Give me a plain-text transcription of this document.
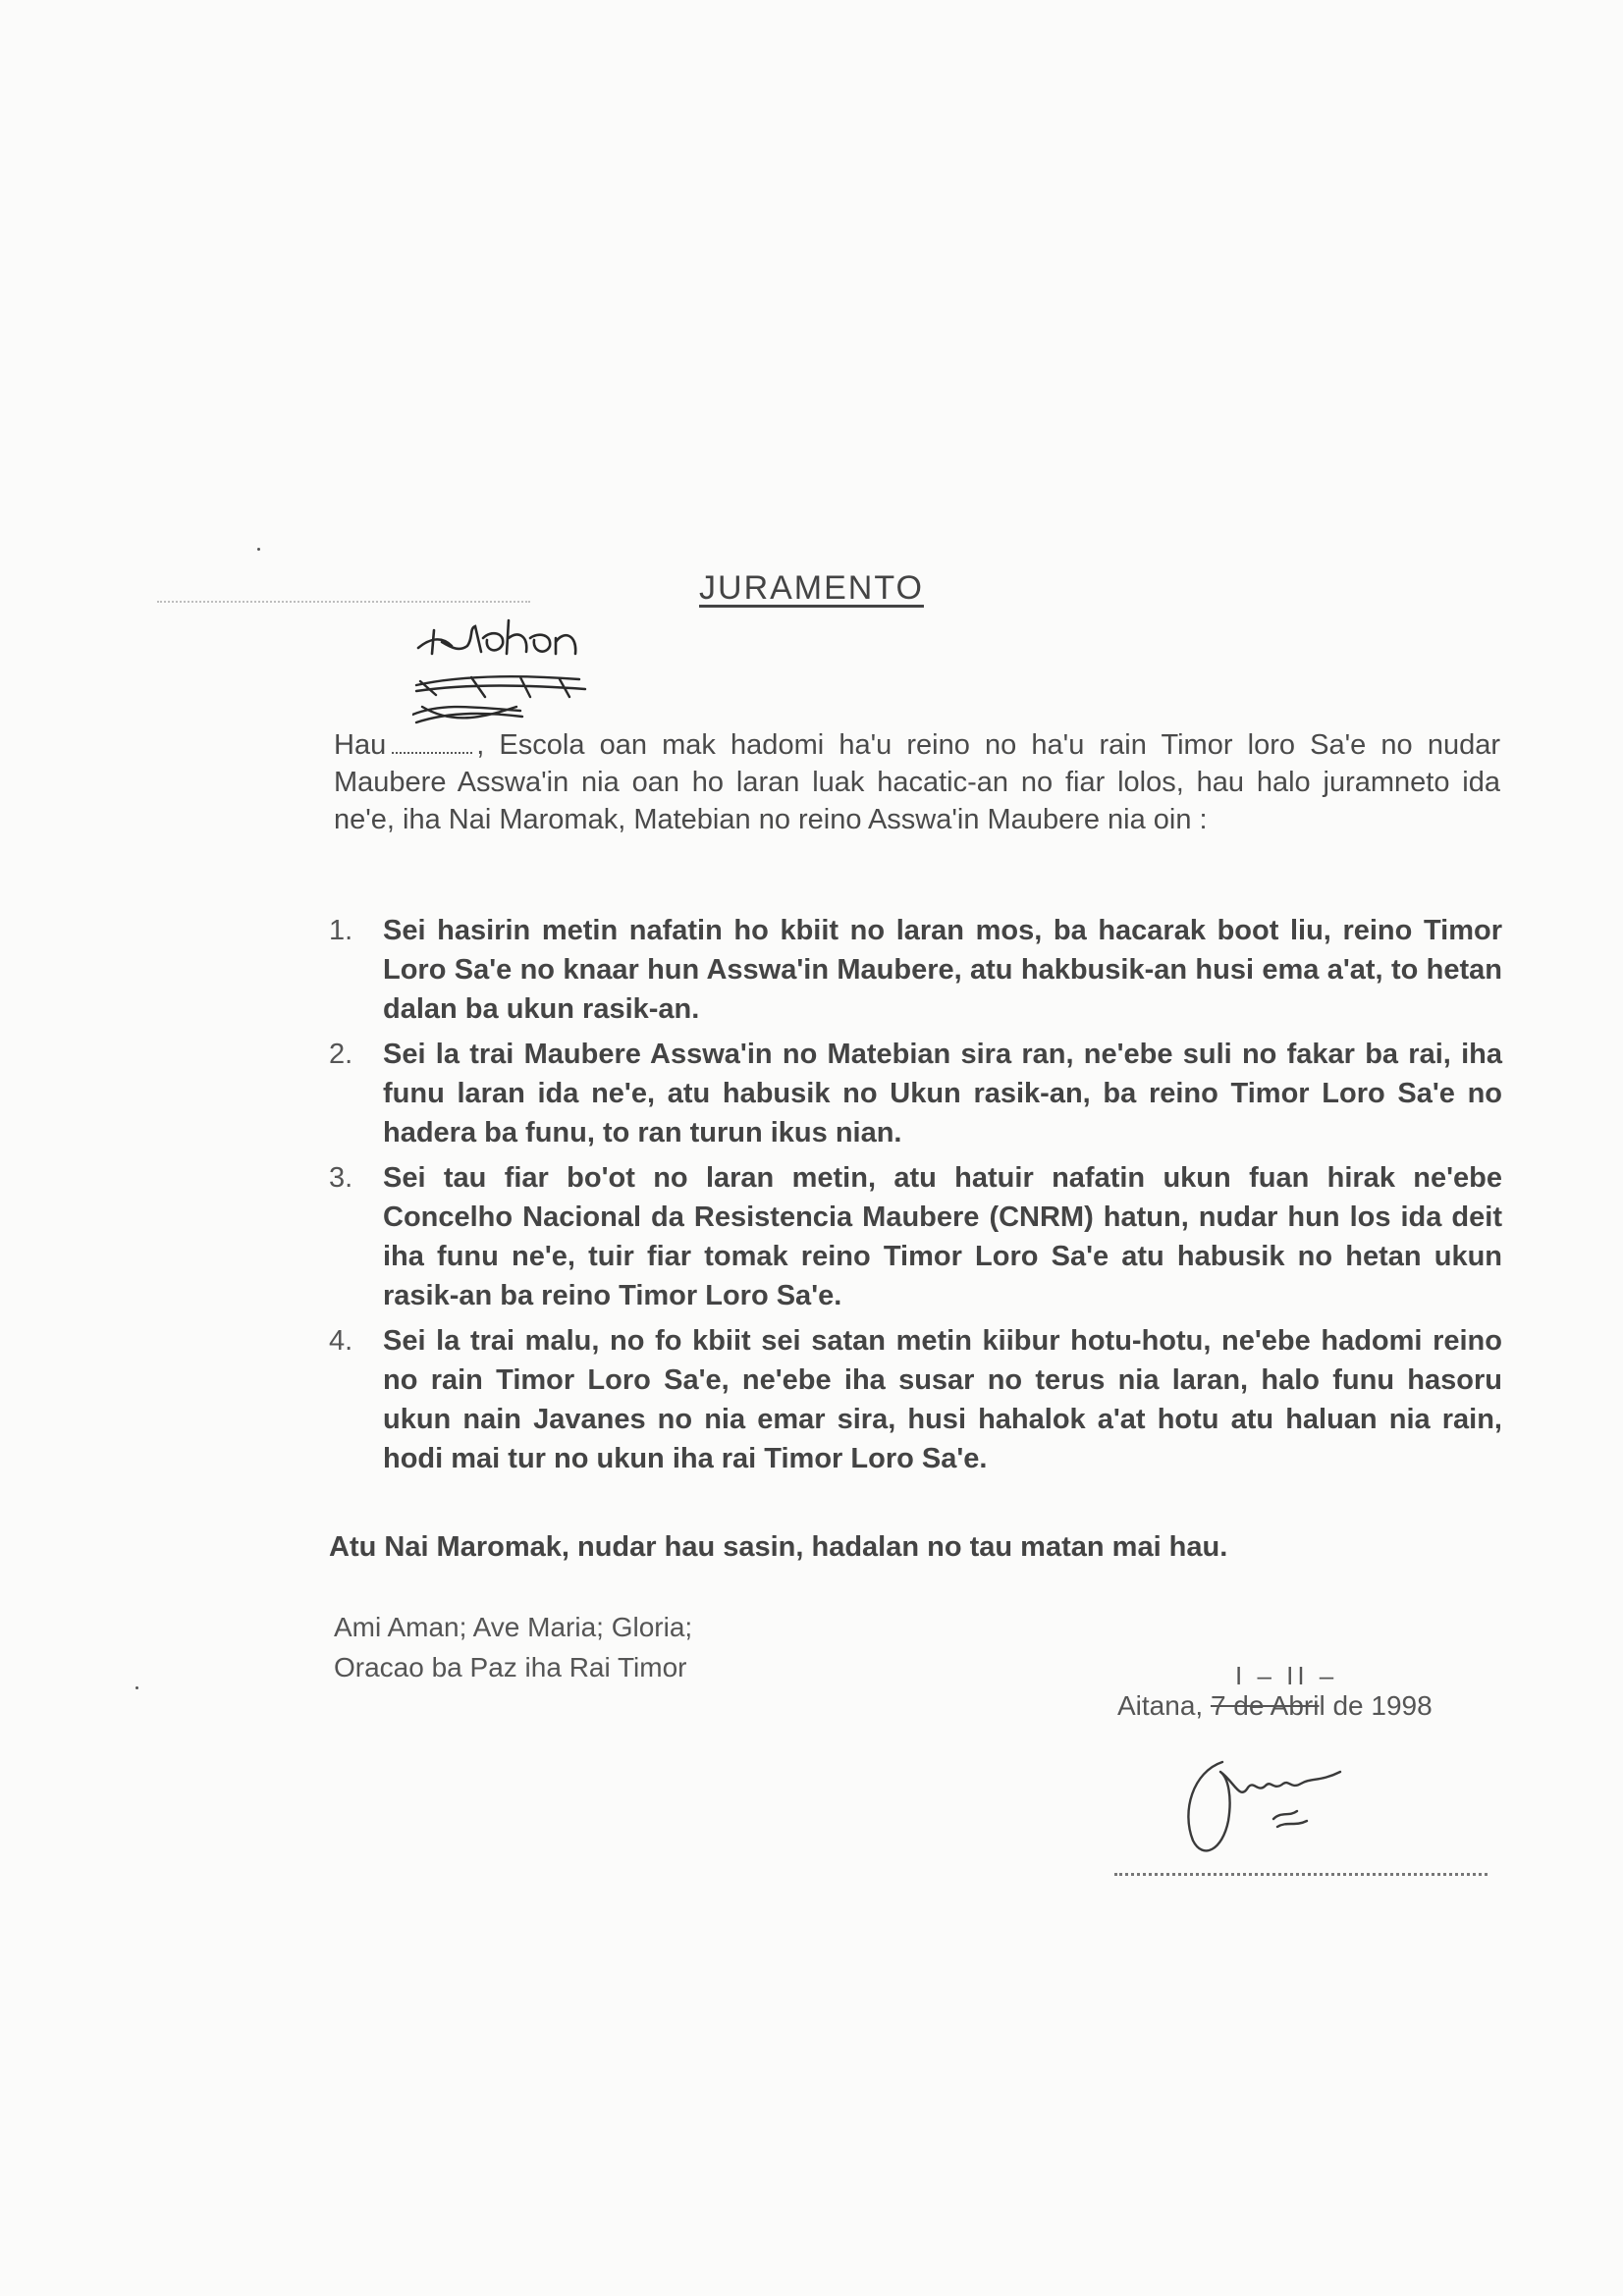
JURAMENTO
Hau	, Escola oan mak hadomi ha'u reino no ha'u rain Timor loro Sa'e no nudar Maubere Asswa'in nia oan ho laran luak hacatic-an no fiar lolos, hau halo juramneto ida ne'e, iha Nai Maromak, Matebian no reino Asswa'in Maubere nia oin :
1. Sei hasirin metin nafatin ho kbiit no laran mos, ba hacarak boot liu, reino Timor Loro Sa'e no knaar hun Asswa'in Maubere, atu hakbusik-an husi ema a'at, to hetan dalan ba ukun rasik-an.
2. Sei la trai Maubere Asswa'in no Matebian sira ran, ne'ebe suli no fakar ba rai, iha funu laran ida ne'e, atu habusik no Ukun rasik-an, ba reino Timor Loro Sa'e no hadera ba funu, to ran turun ikus nian.
3. Sei tau fiar bo'ot no laran metin, atu hatuir nafatin ukun fuan hirak ne'ebe Concelho Nacional da Resistencia Maubere (CNRM) hatun, nudar hun los ida deit iha funu ne'e, tuir fiar tomak reino Timor Loro Sa'e atu habusik no hetan ukun rasik-an ba reino Timor Loro Sa'e.
4. Sei la trai malu, no fo kbiit sei satan metin kiibur hotu-hotu, ne'ebe hadomi reino no rain Timor Loro Sa'e, ne'ebe iha susar no terus nia laran, halo funu hasoru ukun nain Javanes no nia emar sira, husi hahalok a'at hotu atu haluan nia rain, hodi mai tur no ukun iha rai Timor Loro Sa'e.
Atu Nai Maromak, nudar hau sasin, hadalan no tau matan mai hau.
Ami Aman; Ave Maria; Gloria;
Oracao ba Paz iha Rai Timor	I – II –
Aitana, 7 de Abril de 1998
